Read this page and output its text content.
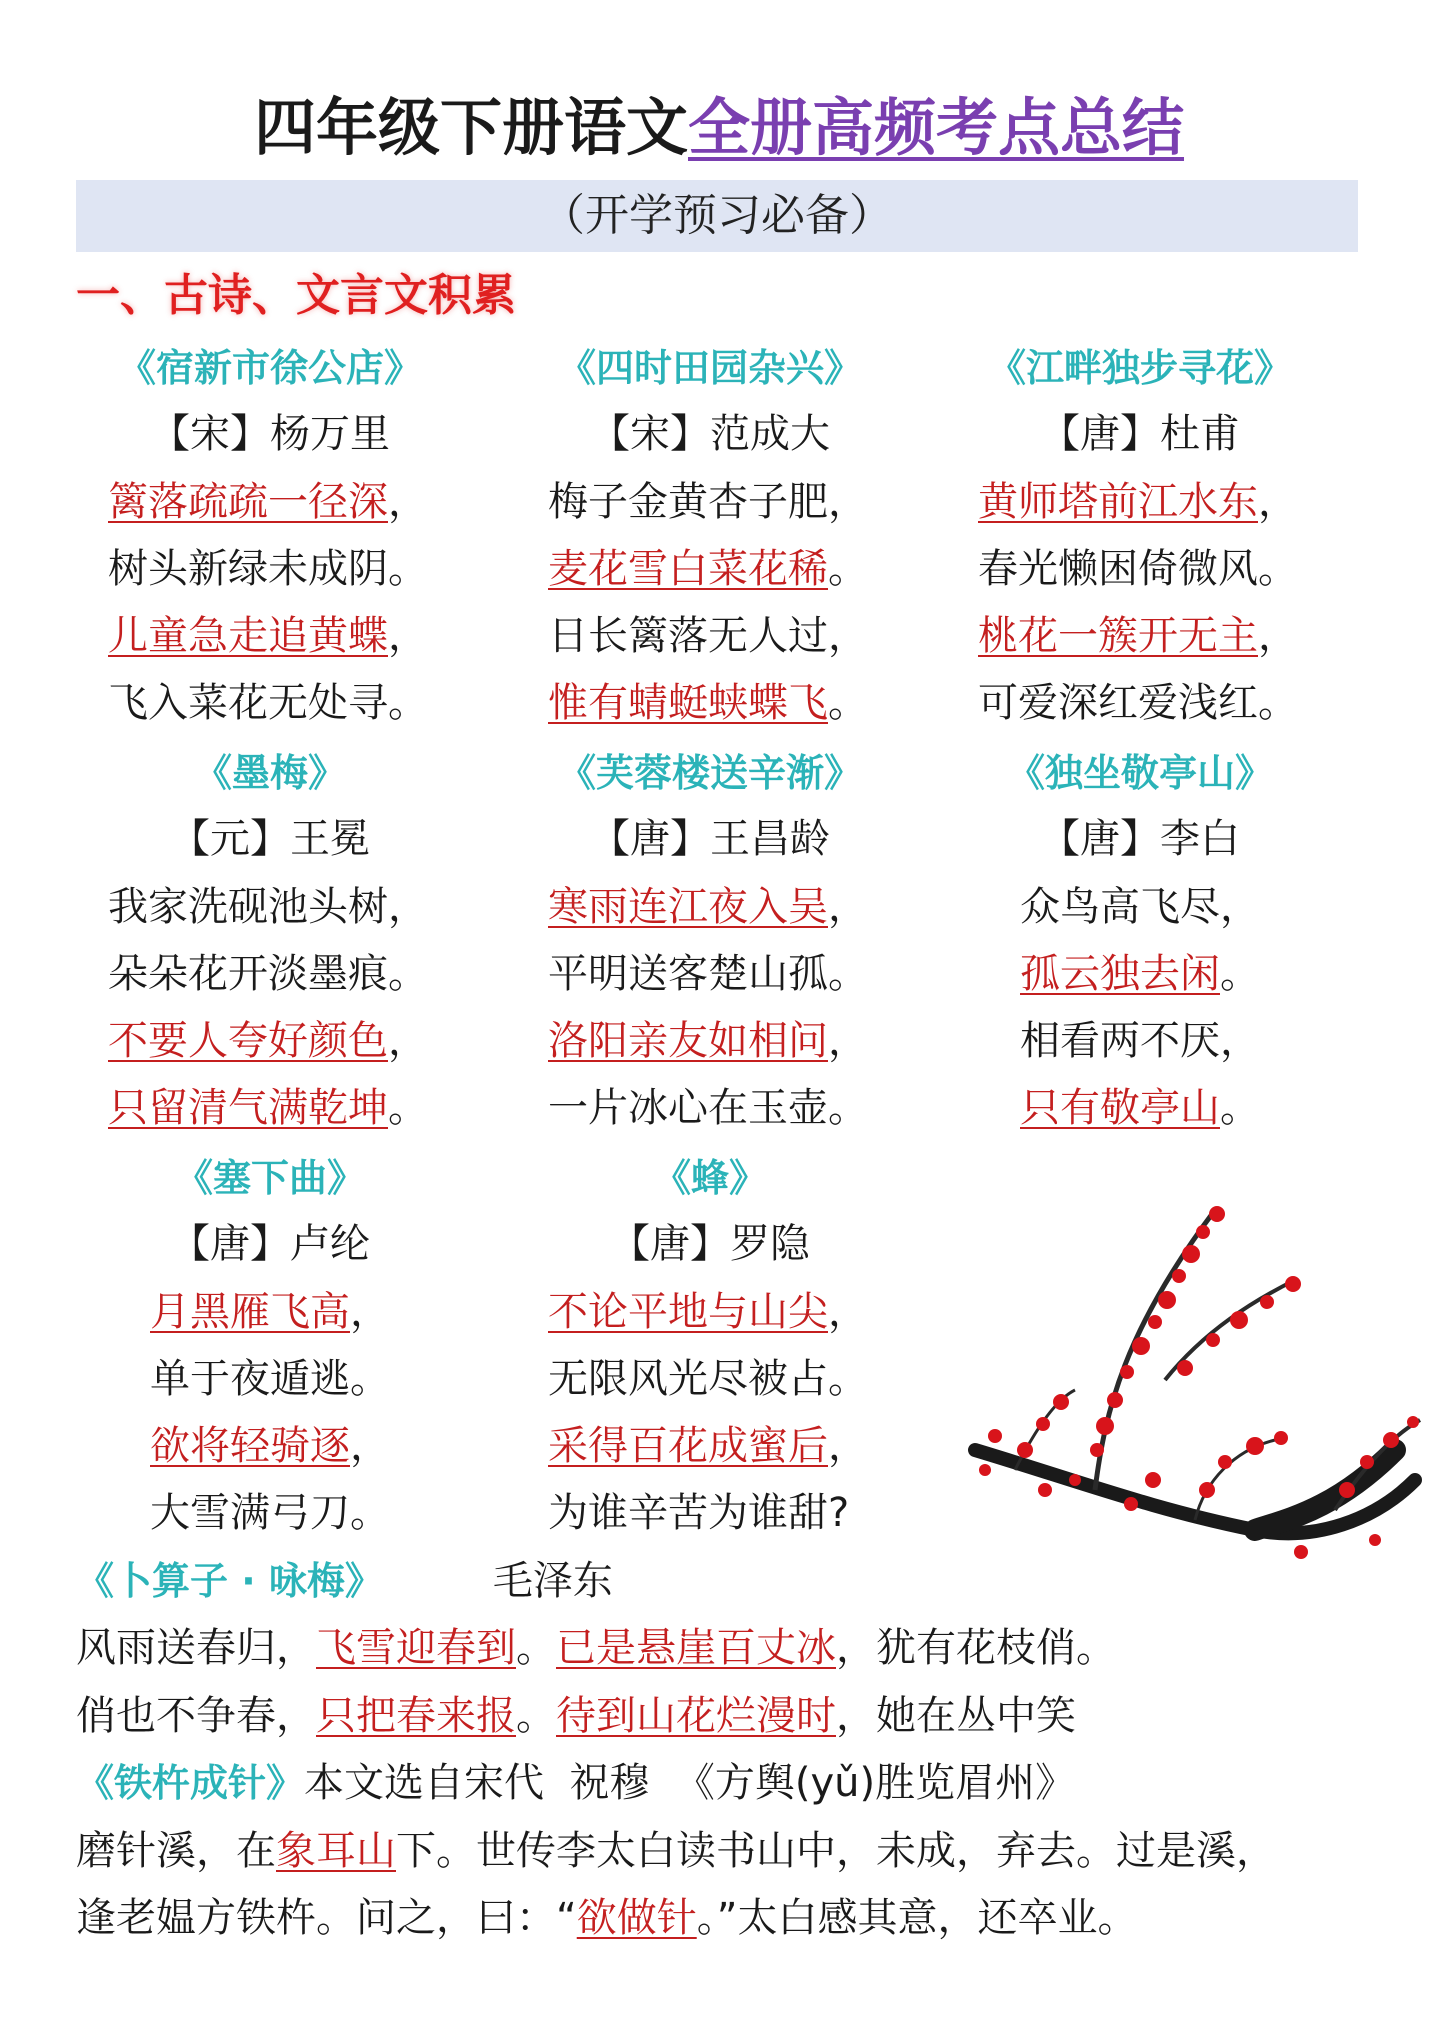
四年级下册语文全册高频考点总结
（开学预习必备）
一、古诗、文言文积累
《宿新市徐公店》
【宋】杨万里
篱落疏疏一径深，
树头新绿未成阴。
儿童急走追黄蝶，
飞入菜花无处寻。
《四时田园杂兴》
【宋】范成大
梅子金黄杏子肥，
麦花雪白菜花稀。
日长篱落无人过，
惟有蜻蜓蛱蝶飞。
《江畔独步寻花》
【唐】杜甫
黄师塔前江水东，
春光懒困倚微风。
桃花一簇开无主，
可爱深红爱浅红。
《墨梅》
【元】王冕
我家洗砚池头树，
朵朵花开淡墨痕。
不要人夸好颜色，
只留清气满乾坤。
《芙蓉楼送辛渐》
【唐】王昌龄
寒雨连江夜入吴，
平明送客楚山孤。
洛阳亲友如相问，
一片冰心在玉壶。
《独坐敬亭山》
【唐】李白
众鸟高飞尽，
孤云独去闲。
相看两不厌，
只有敬亭山。
《塞下曲》
【唐】卢纶
月黑雁飞高，
单于夜遁逃。
欲将轻骑逐，
大雪满弓刀。
《蜂》
【唐】罗隐
不论平地与山尖，
无限风光尽被占。
采得百花成蜜后，
为谁辛苦为谁甜?
《卜算子 · 咏梅》	毛泽东
风雨送春归，飞雪迎春到。已是悬崖百丈冰，犹有花枝俏。
俏也不争春，只把春来报。待到山花烂漫时，她在丛中笑
《铁杵成针》本文选自宋代  祝穆  《方舆(yǔ)胜览眉州》
磨针溪，在象耳山下。世传李太白读书山中，未成，弃去。过是溪，
逢老媪方铁杵。问之，曰：“欲做针。”太白感其意，还卒业。
